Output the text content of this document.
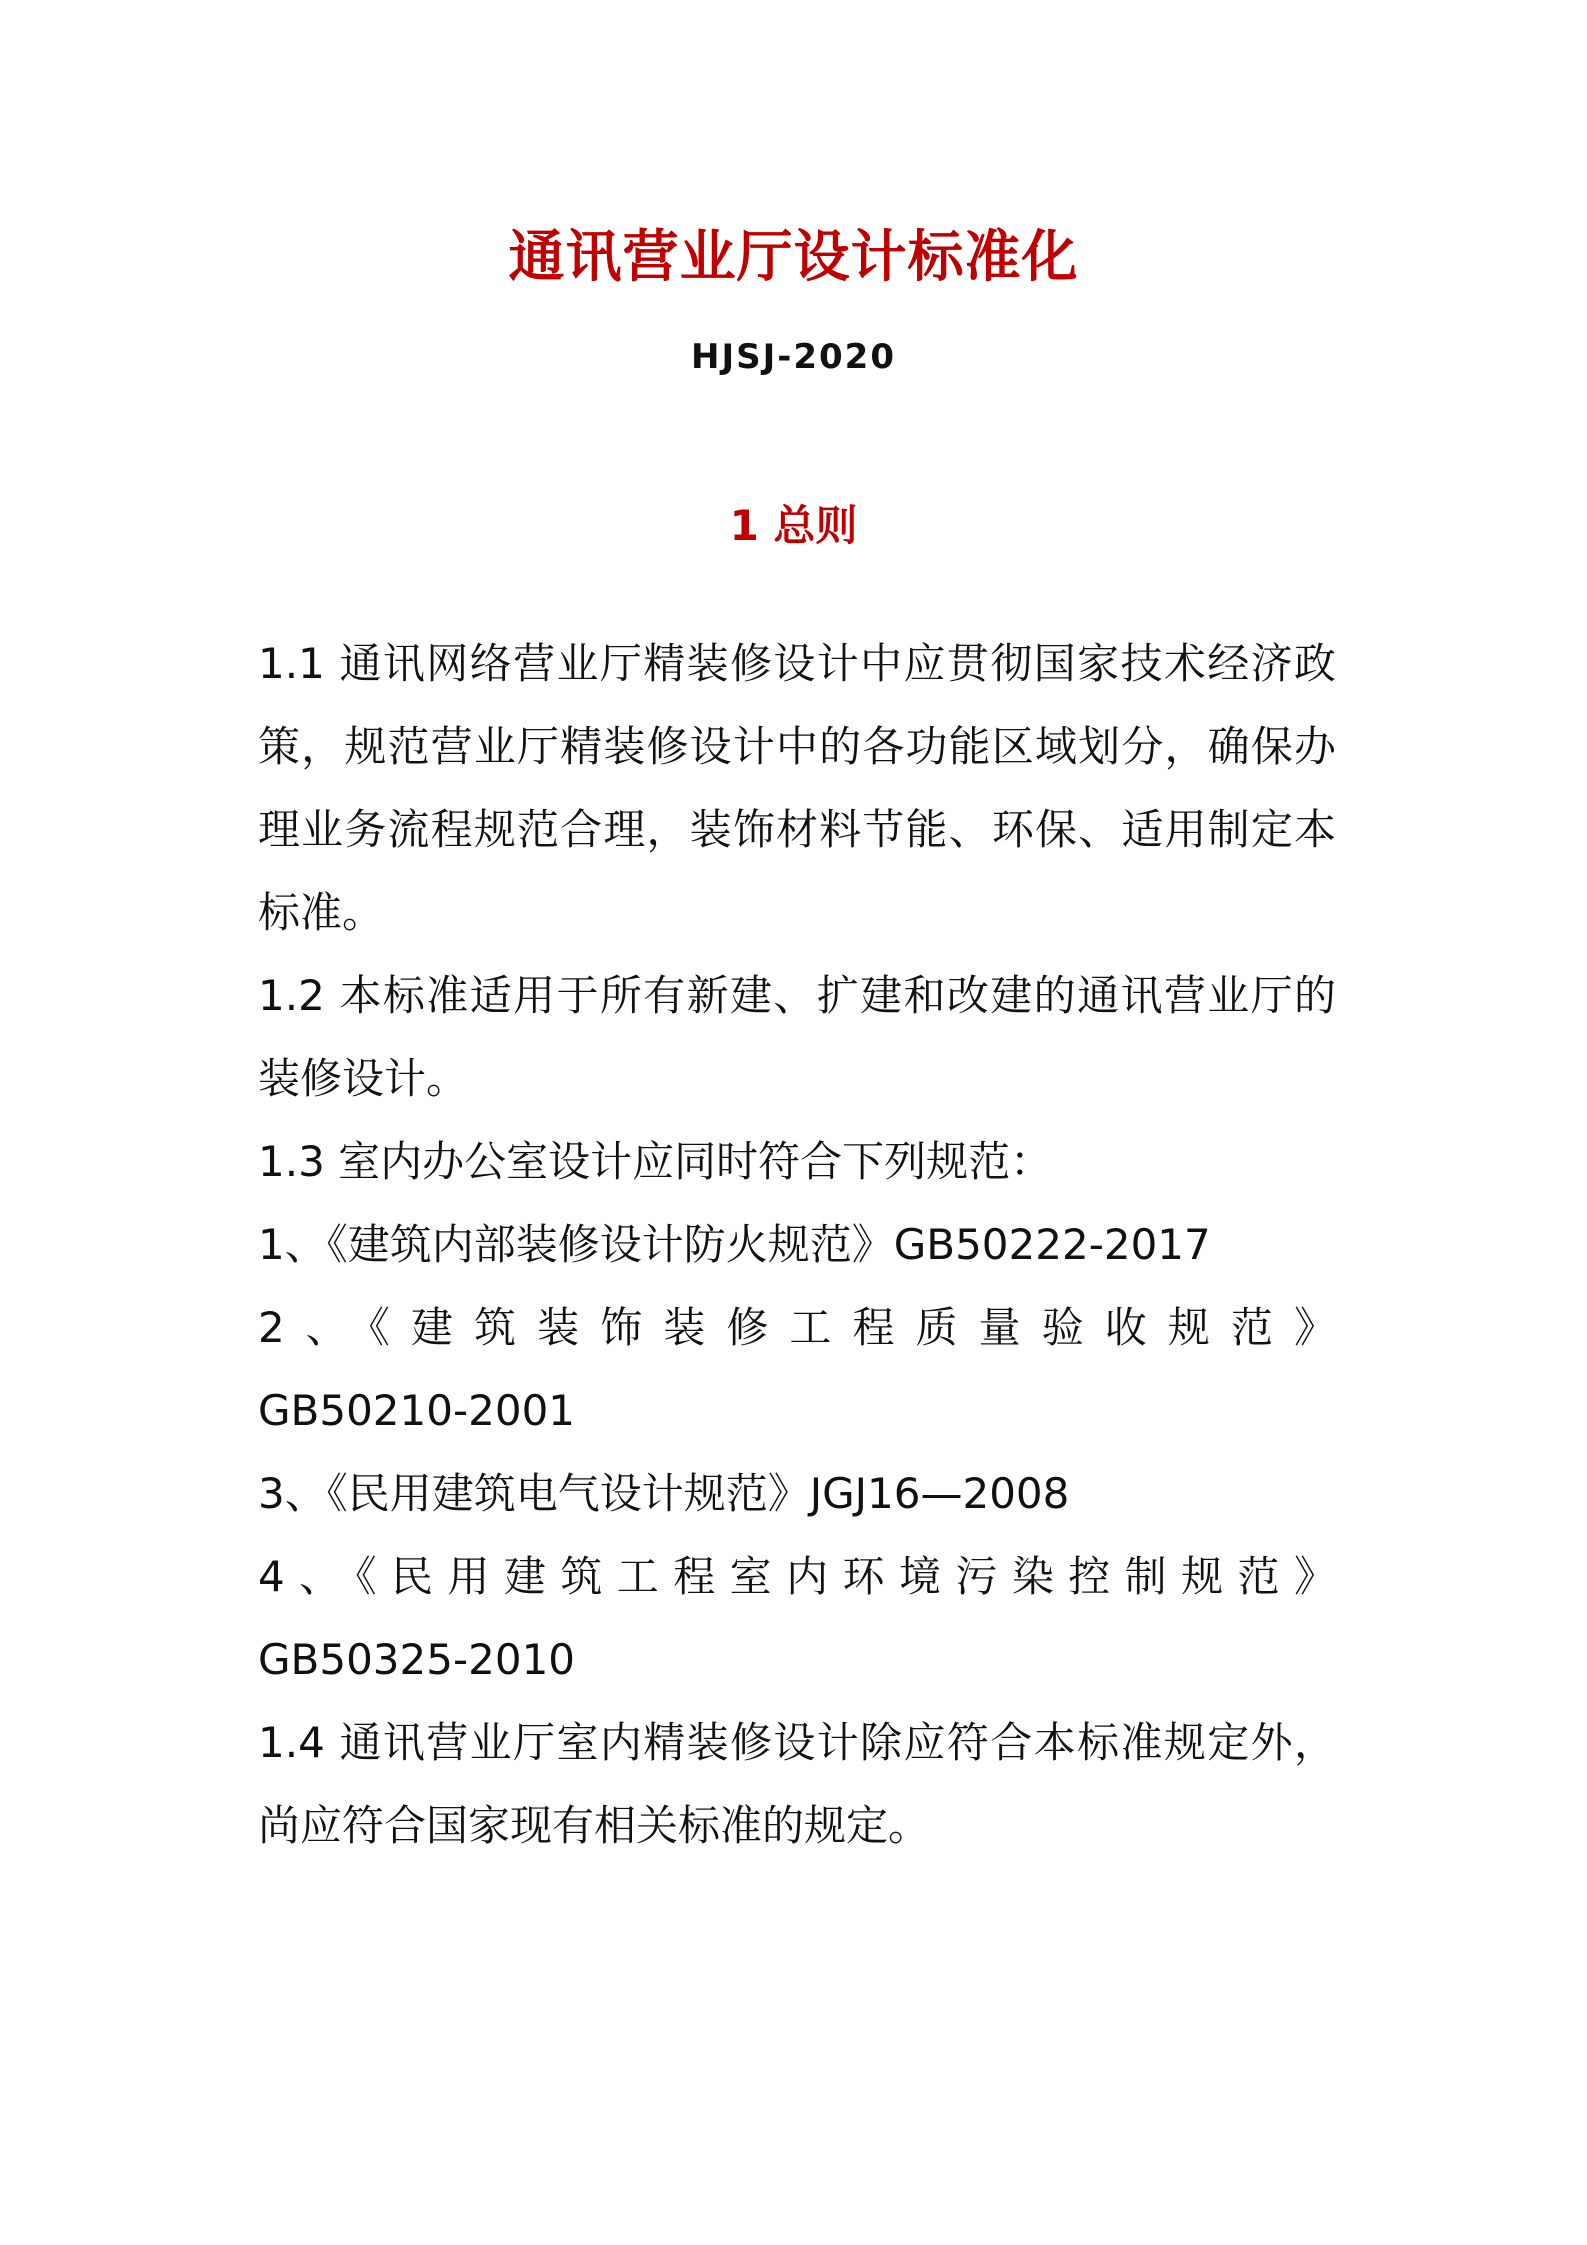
通讯营业厅设计标准化
HJSJ-2020
1 总则

1.1 通讯网络营业厅精装修设计中应贯彻国家技术经济政策，规范营业厅精装修设计中的各功能区域划分，确保办理业务流程规范合理，装饰材料节能、环保、适用制定本标准。

1.2 本标准适用于所有新建、扩建和改建的通讯营业厅的装修设计。

1.3 室内办公室设计应同时符合下列规范：

1、《建筑内部装修设计防火规范》GB50222-2017

2、《建筑装饰装修工程质量验收规范》

GB50210-2001

3、《民用建筑电气设计规范》JGJ16—2008

4、《民用建筑工程室内环境污染控制规范》

GB50325-2010

1.4 通讯营业厅室内精装修设计除应符合本标准规定外，尚应符合国家现有相关标准的规定。
